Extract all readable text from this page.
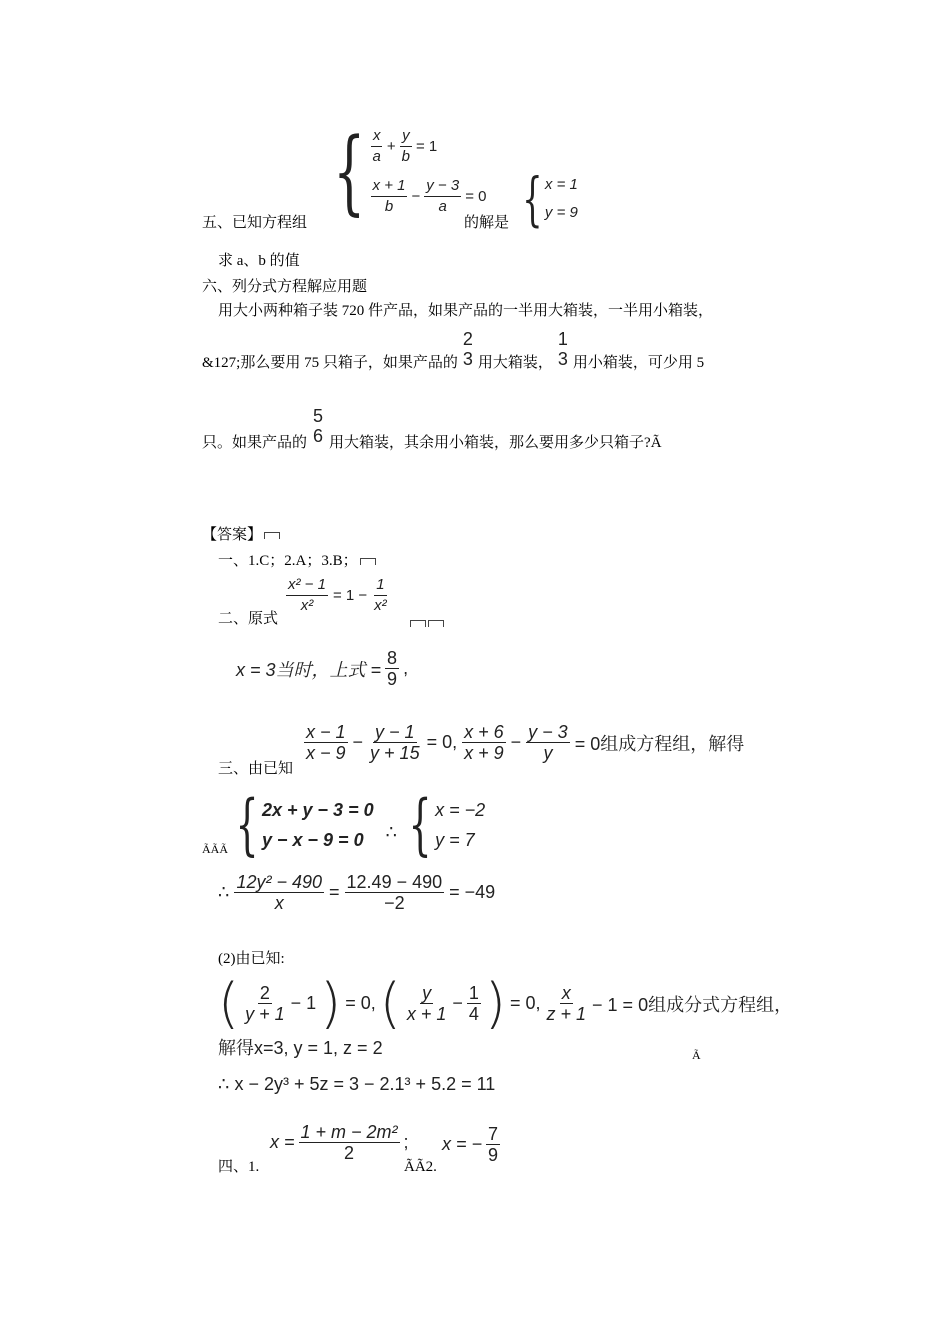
{ x
a
+ $\frac{y}{b} = 1$
x + 1
b
− $\frac{y - 3}{a} = 0$
五、已知方程组	的解是 { x = 1
y = 9
求 a、b 的值
六、列分式方程解应用题
用大小两种箱子装 720 件产品，如果产品的一半用大箱装，一半用小箱装，
&127;那么要用 75 只箱子，如果产品的
2
3 用大箱装，
1
3 用小箱装，可少用 5
只。如果产品的
5
6 用大箱装，其余用小箱装，那么要用多少只箱子?Ã
【答案】
一、1.C；2.A；3.B；
$\frac{\text{x² − 1}}{\text{x²}} = 1 - \frac{1}{\text{x²}}$
二、原式
x = 3当时，上式 = $\frac{8}{9}$ ,
x − 1
x − 9
− $\frac{y - 1}{y + 15} = 0$, x + 6
x + 9
− $\frac{y - 3}{y} = 0$组成方程组，解得
三、由已知
ÃÃÃ { 2x + y − 3 = 0
y − x − 9 = 0	∴ { x = −2
y = 7
∴ $\frac{\text{12y² − 490}}{x} = \frac{12.49 - 490}{-2} = -49$
(2)由已知:
( 2
y + 1
− 1 ) = 0, ( y
x + 1
− $\frac{1}{4}$ ) = 0, x
z + 1 − 1 = 0组成分式方程组，
解得x=3, y = 1, z = 2	Ã
∴ x − 2y³ + 5z = 3 − 2.1³ + 5.2 = 11
$x = \frac{\text{1 + m − 2m²}}{2}$ ;
四、1.	ÃÃ2.
x = − $\frac{7}{9}$
